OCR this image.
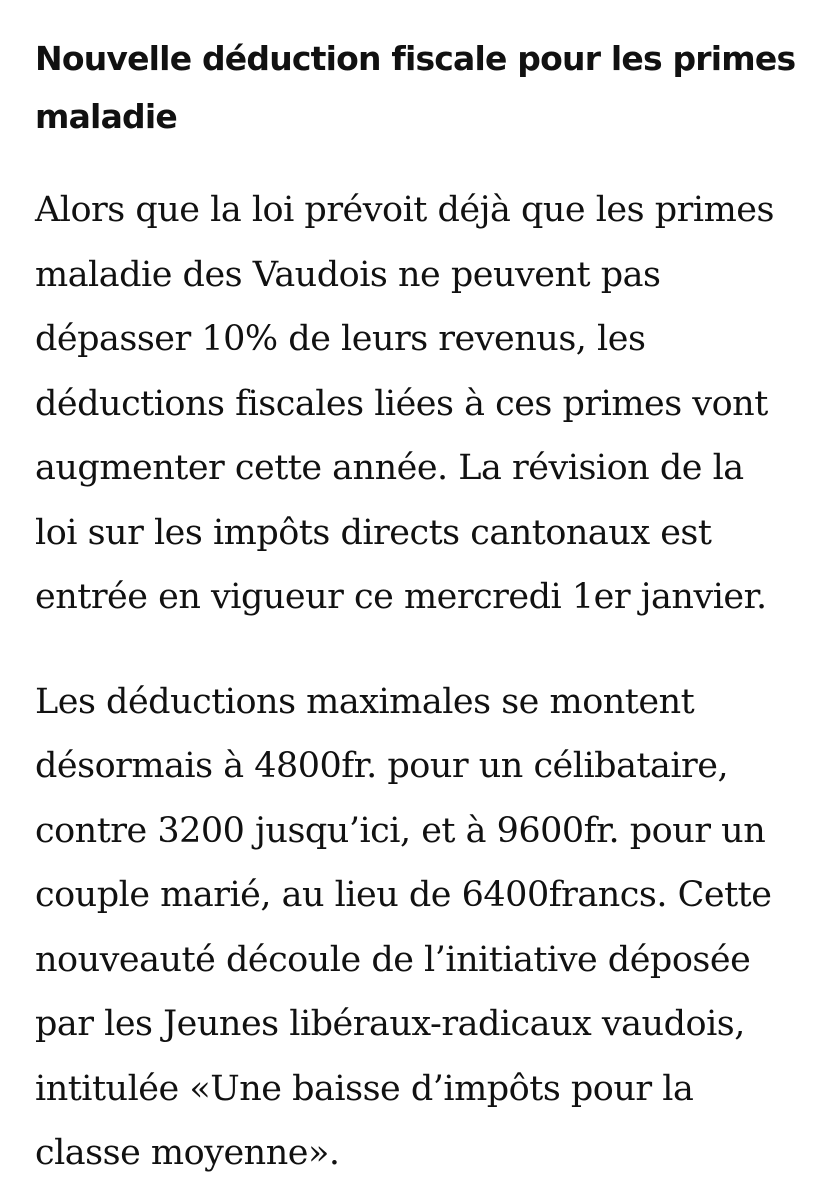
Nouvelle déduction fiscale pour les primes
maladie

Alors que la loi prévoit déjà que les primes
maladie des Vaudois ne peuvent pas
dépasser 10% de leurs revenus, les
déductions fiscales liées à ces primes vont
augmenter cette année. La révision de la
loi sur les impôts directs cantonaux est
entrée en vigueur ce mercredi 1er janvier.

Les déductions maximales se montent
désormais à 4800fr. pour un célibataire,
contre 3200 jusqu’ici, et à 9600fr. pour un
couple marié, au lieu de 6400francs. Cette
nouveauté découle de l’initiative déposée
par les Jeunes libéraux-radicaux vaudois,
intitulée «Une baisse d’impôts pour la
classe moyenne».
